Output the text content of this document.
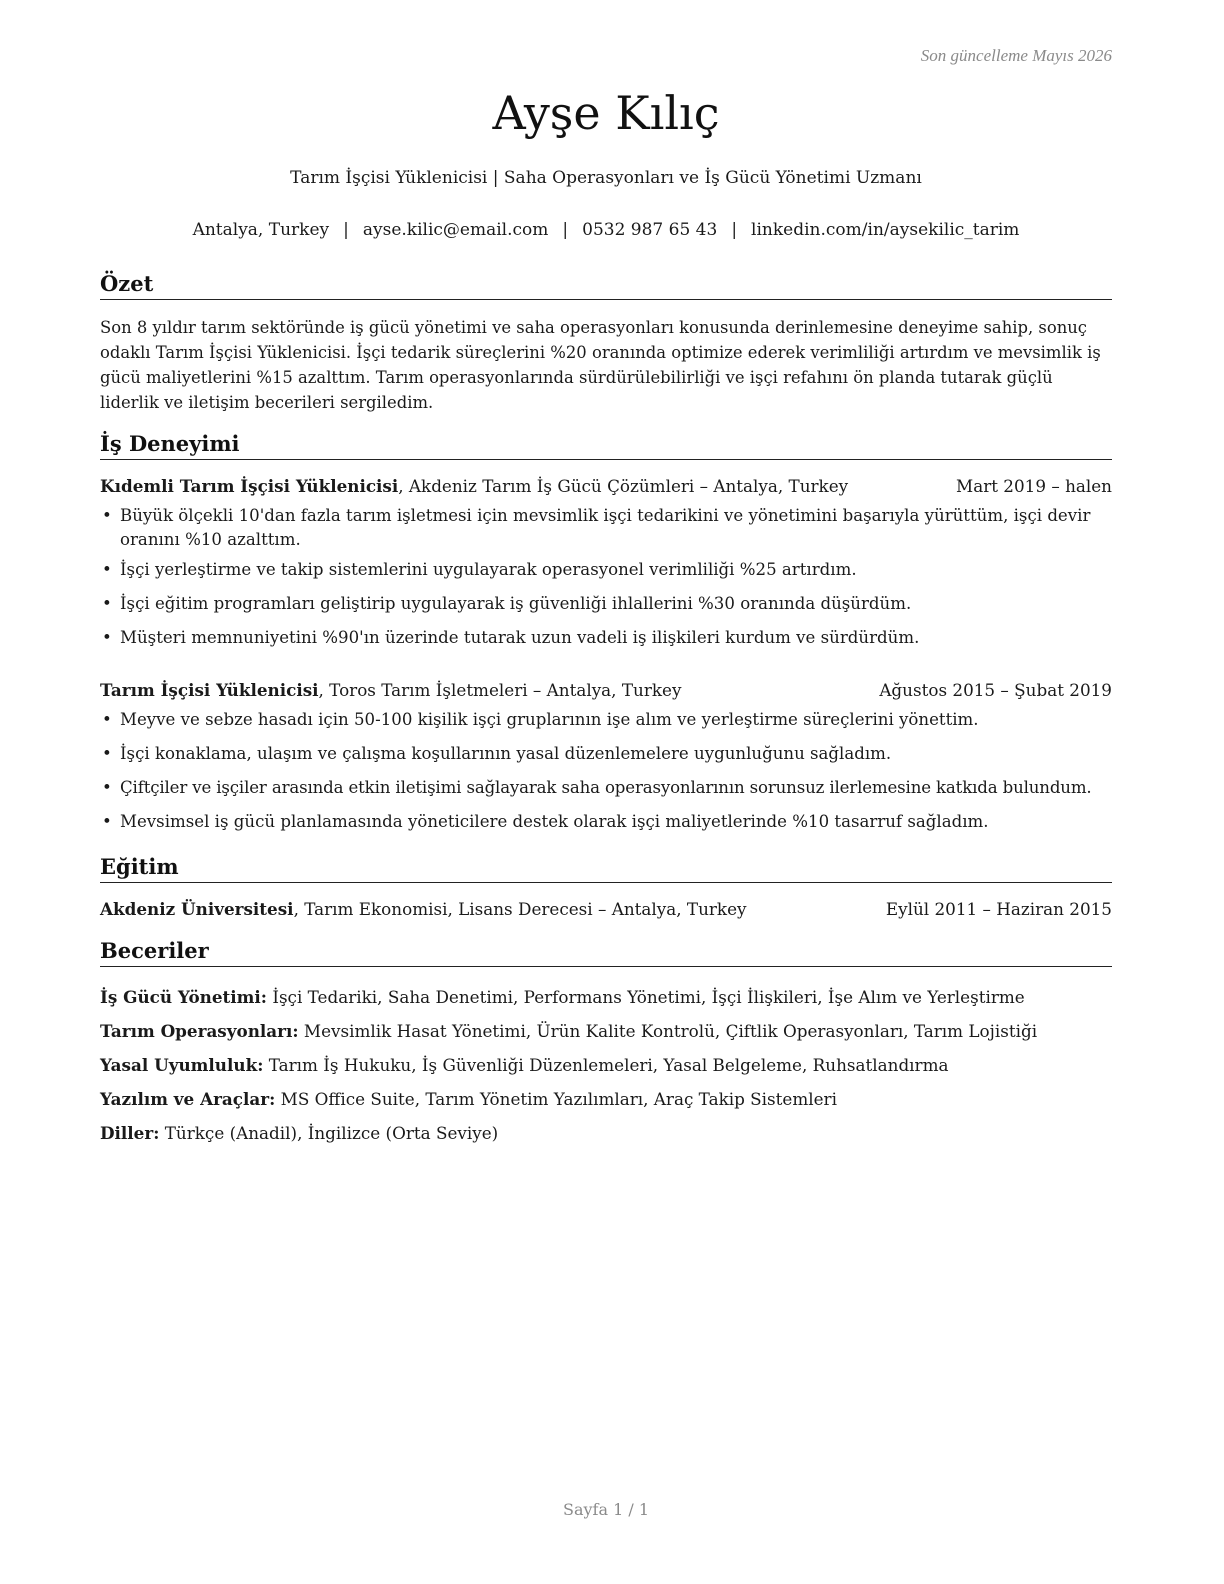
Son güncelleme Mayıs 2026
Ayşe Kılıç
Tarım İşçisi Yüklenicisi | Saha Operasyonları ve İş Gücü Yönetimi Uzmanı
Antalya, Turkey | ayse.kilic@email.com | 0532 987 65 43 | linkedin.com/in/aysekilic_tarim
Özet

Son 8 yıldır tarım sektöründe iş gücü yönetimi ve saha operasyonları konusunda derinlemesine deneyime sahip, sonuç odaklı Tarım İşçisi Yüklenicisi. İşçi tedarik süreçlerini %20 oranında optimize ederek verimliliği artırdım ve mevsimlik iş gücü maliyetlerini %15 azalttım. Tarım operasyonlarında sürdürülebilirliği ve işçi refahını ön planda tutarak güçlü liderlik ve iletişim becerileri sergiledim.

İş Deneyimi
Kıdemli Tarım İşçisi Yüklenicisi, Akdeniz Tarım İş Gücü Çözümleri – Antalya, Turkey	Mart 2019 – halen
• Büyük ölçekli 10'dan fazla tarım işletmesi için mevsimlik işçi tedarikini ve yönetimini başarıyla yürüttüm, işçi devir oranını %10 azalttım.
• İşçi yerleştirme ve takip sistemlerini uygulayarak operasyonel verimliliği %25 artırdım.
• İşçi eğitim programları geliştirip uygulayarak iş güvenliği ihlallerini %30 oranında düşürdüm.
• Müşteri memnuniyetini %90'ın üzerinde tutarak uzun vadeli iş ilişkileri kurdum ve sürdürdüm.
Tarım İşçisi Yüklenicisi, Toros Tarım İşletmeleri – Antalya, Turkey	Ağustos 2015 – Şubat 2019
• Meyve ve sebze hasadı için 50-100 kişilik işçi gruplarının işe alım ve yerleştirme süreçlerini yönettim.
• İşçi konaklama, ulaşım ve çalışma koşullarının yasal düzenlemelere uygunluğunu sağladım.
• Çiftçiler ve işçiler arasında etkin iletişimi sağlayarak saha operasyonlarının sorunsuz ilerlemesine katkıda bulundum.
• Mevsimsel iş gücü planlamasında yöneticilere destek olarak işçi maliyetlerinde %10 tasarruf sağladım.
Eğitim
Akdeniz Üniversitesi, Tarım Ekonomisi, Lisans Derecesi – Antalya, Turkey	Eylül 2011 – Haziran 2015
Beceriler
İş Gücü Yönetimi: İşçi Tedariki, Saha Denetimi, Performans Yönetimi, İşçi İlişkileri, İşe Alım ve Yerleştirme
Tarım Operasyonları: Mevsimlik Hasat Yönetimi, Ürün Kalite Kontrolü, Çiftlik Operasyonları, Tarım Lojistiği
Yasal Uyumluluk: Tarım İş Hukuku, İş Güvenliği Düzenlemeleri, Yasal Belgeleme, Ruhsatlandırma
Yazılım ve Araçlar: MS Office Suite, Tarım Yönetim Yazılımları, Araç Takip Sistemleri
Diller: Türkçe (Anadil), İngilizce (Orta Seviye)
Sayfa 1 / 1
